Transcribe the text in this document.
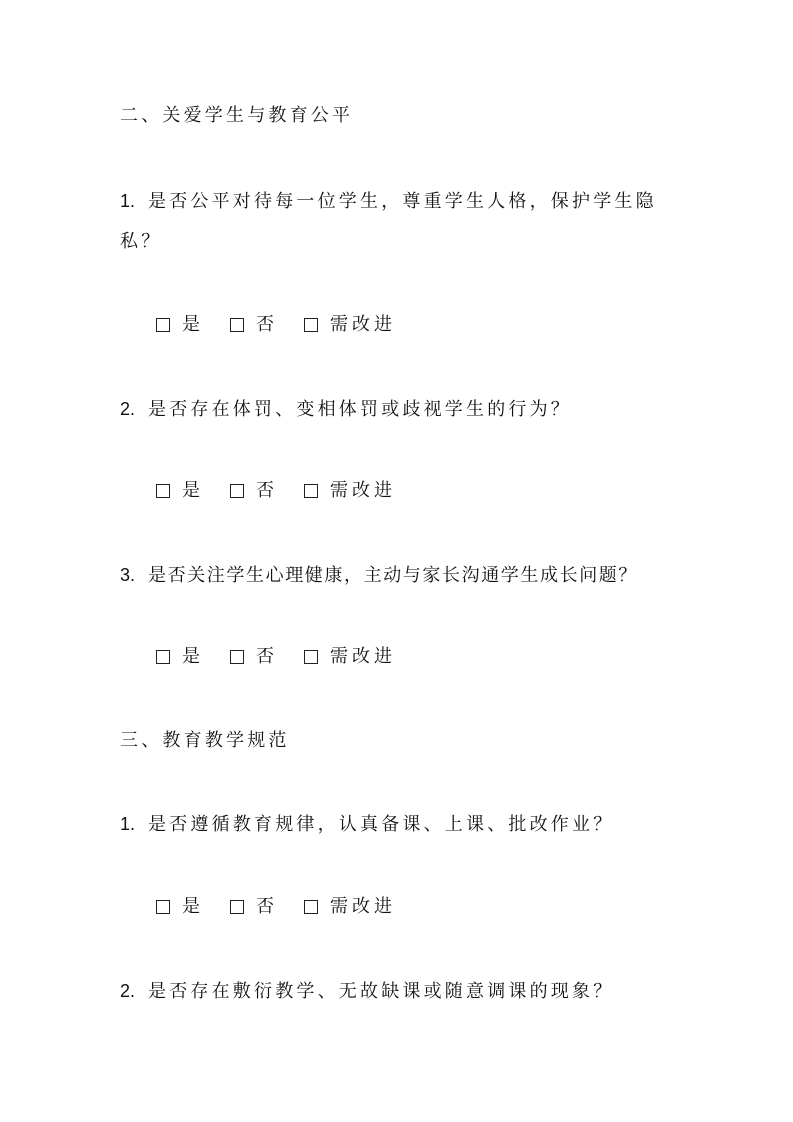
二、关爱学生与教育公平
1. 是否公平对待每一位学生，尊重学生人格，保护学生隐
私？
是	否	需改进
2. 是否存在体罚、变相体罚或歧视学生的行为？
是	否	需改进
3. 是否关注学生心理健康，主动与家长沟通学生成长问题？
是	否	需改进
三、教育教学规范
1. 是否遵循教育规律，认真备课、上课、批改作业？
是	否	需改进
2. 是否存在敷衍教学、无故缺课或随意调课的现象？
